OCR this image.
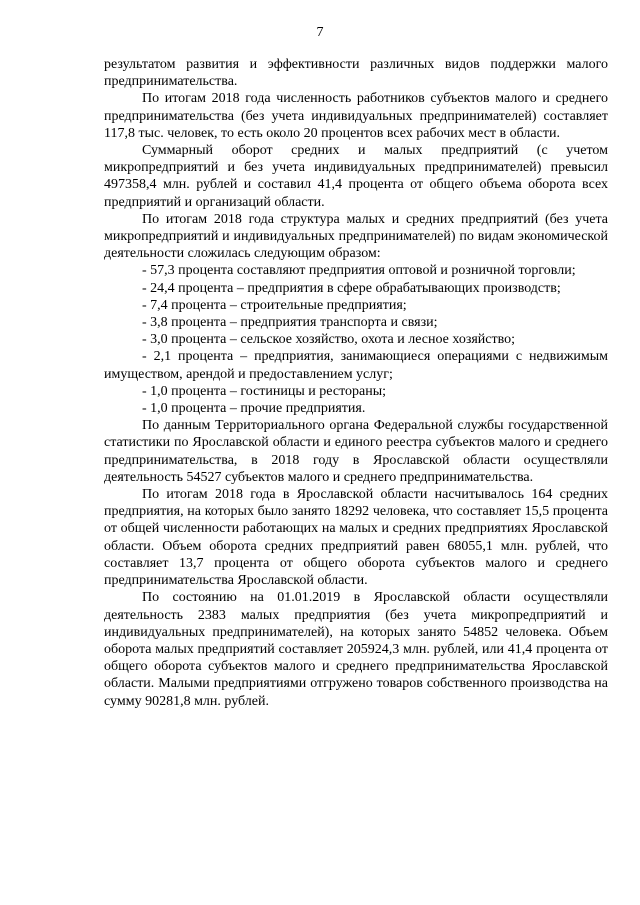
7

результатом развития и эффективности различных видов поддержки малого предпринимательства.

По итогам 2018 года численность работников субъектов малого и среднего предпринимательства (без учета индивидуальных предпринимателей) составляет 117,8 тыс. человек, то есть около 20 процентов всех рабочих мест в области.

Суммарный оборот средних и малых предприятий (с учетом микропредприятий и без учета индивидуальных предпринимателей) превысил 497358,4 млн. рублей и составил 41,4 процента от общего объема оборота всех предприятий и организаций области.

По итогам 2018 года структура малых и средних предприятий (без учета микропредприятий и индивидуальных предпринимателей) по видам экономической деятельности сложилась следующим образом:

- 57,3 процента составляют предприятия оптовой и розничной торговли;

- 24,4 процента – предприятия в сфере обрабатывающих производств;

- 7,4 процента – строительные предприятия;

- 3,8 процента – предприятия транспорта и связи;

- 3,0 процента – сельское хозяйство, охота и лесное хозяйство;

- 2,1 процента – предприятия, занимающиеся операциями с недвижимым имуществом, арендой и предоставлением услуг;

- 1,0 процента – гостиницы и рестораны;

- 1,0 процента – прочие предприятия.

По данным Территориального органа Федеральной службы государственной статистики по Ярославской области и единого реестра субъектов малого и среднего предпринимательства, в 2018 году в Ярославской области осуществляли деятельность 54527 субъектов малого и среднего предпринимательства.

По итогам 2018 года в Ярославской области насчитывалось 164 средних предприятия, на которых было занято 18292 человека, что составляет 15,5 процента от общей численности работающих на малых и средних предприятиях Ярославской области. Объем оборота средних предприятий равен 68055,1 млн. рублей, что составляет 13,7 процента от общего оборота субъектов малого и среднего предпринимательства Ярославской области.

По состоянию на 01.01.2019 в Ярославской области осуществляли деятельность 2383 малых предприятия (без учета микропредприятий и индивидуальных предпринимателей), на которых занято 54852 человека. Объем оборота малых предприятий составляет 205924,3 млн. рублей, или 41,4 процента от общего оборота субъектов малого и среднего предпринимательства Ярославской области. Малыми предприятиями отгружено товаров собственного производства на сумму 90281,8 млн. рублей.
